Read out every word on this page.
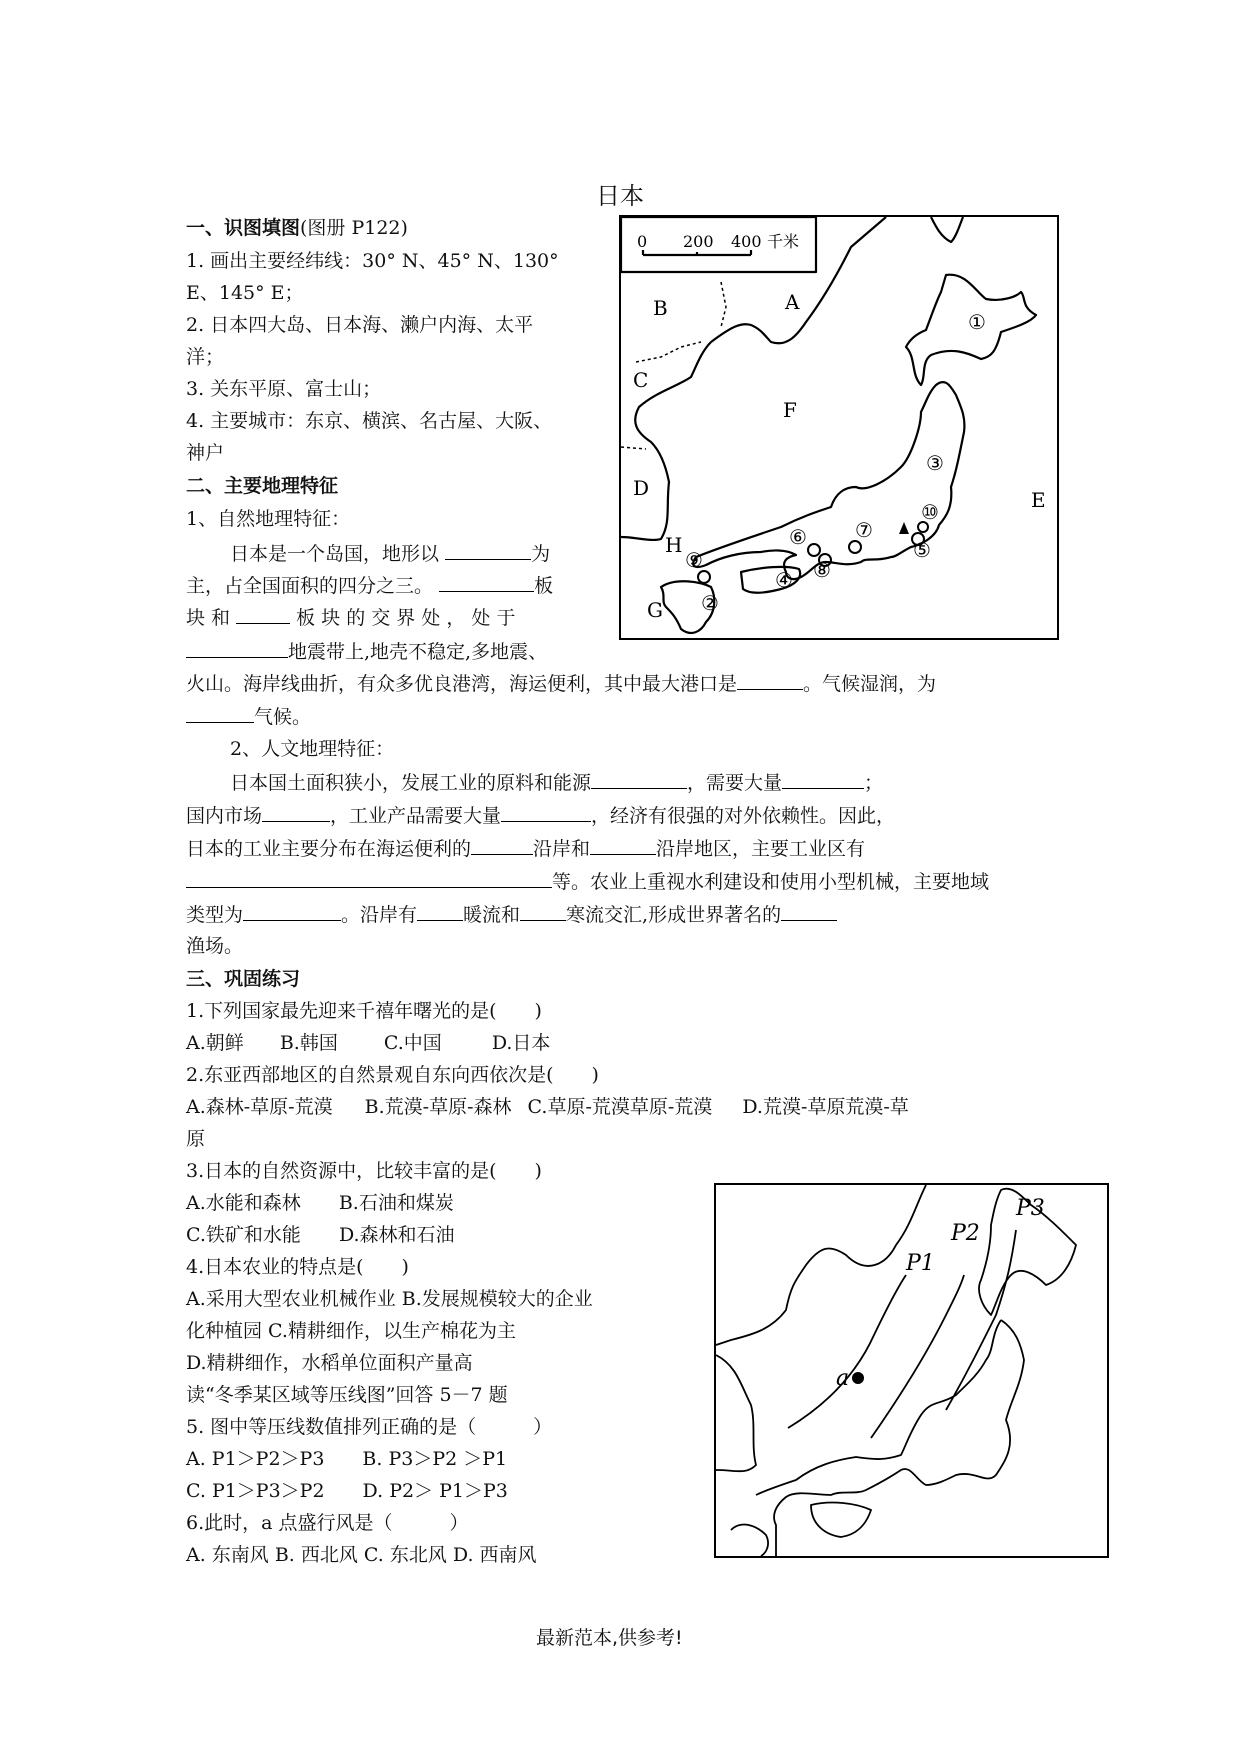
日本
一、识图填图(图册 P122)
1. 画出主要经纬线：30° N、45° N、130°
E、145° E；
2. 日本四大岛、日本海、濑户内海、太平
洋；
3. 关东平原、富士山；
4. 主要城市：东京、横滨、名古屋、大阪、
神户
二、主要地理特征
1、自然地理特征：
日本是一个岛国，地形以	为
主，占全国面积的四分之三。	板
块 和	板 块 的 交 界 处 ， 处 于
地震带上,地壳不稳定,多地震、
火山。海岸线曲折，有众多优良港湾，海运便利，其中最大港口是	。气候湿润，为
气候。
2、人文地理特征：
日本国土面积狭小，发展工业的原料和能源	，需要大量	；
国内市场	，工业产品需要大量	，经济有很强的对外依赖性。因此，
日本的工业主要分布在海运便利的	沿岸和	沿岸地区，主要工业区有
等。农业上重视水利建设和使用小型机械，主要地域
类型为	。沿岸有 暖流和 寒流交汇,形成世界著名的
渔场。
三、巩固练习
1.下列国家最先迎来千禧年曙光的是(　　)
A.朝鲜 B.韩国 C.中国	D.日本
2.东亚西部地区的自然景观自东向西依次是(　　)
A.森林-草原-荒漠 B.荒漠-草原-森林 C.草原-荒漠草原-荒漠 D.荒漠-草原荒漠-草
原
3.日本的自然资源中，比较丰富的是(　　)
A.水能和森林 B.石油和煤炭
C.铁矿和水能 D.森林和石油
4.日本农业的特点是(　　)
A.采用大型农业机械作业 B.发展规模较大的企业
化种植园 C.精耕细作，以生产棉花为主
D.精耕细作，水稻单位面积产量高
读“冬季某区域等压线图”回答 5－7 题
5. 图中等压线数值排列正确的是（　　　）
A. P1＞P2＞P3　　B. P3＞P2 ＞P1
C. P1＞P3＞P2　　D. P2＞ P1＞P3
6.此时，a 点盛行风是（　　　）
A. 东南风 B. 西北风 C. 东北风 D. 西南风
0 200 400 千米
A
B
C
D	E
F
G
H
①
②
③
④
⑤
⑥ ⑦
⑧
⑨
⑩
a
P1
P2
P3
最新范本,供参考!
